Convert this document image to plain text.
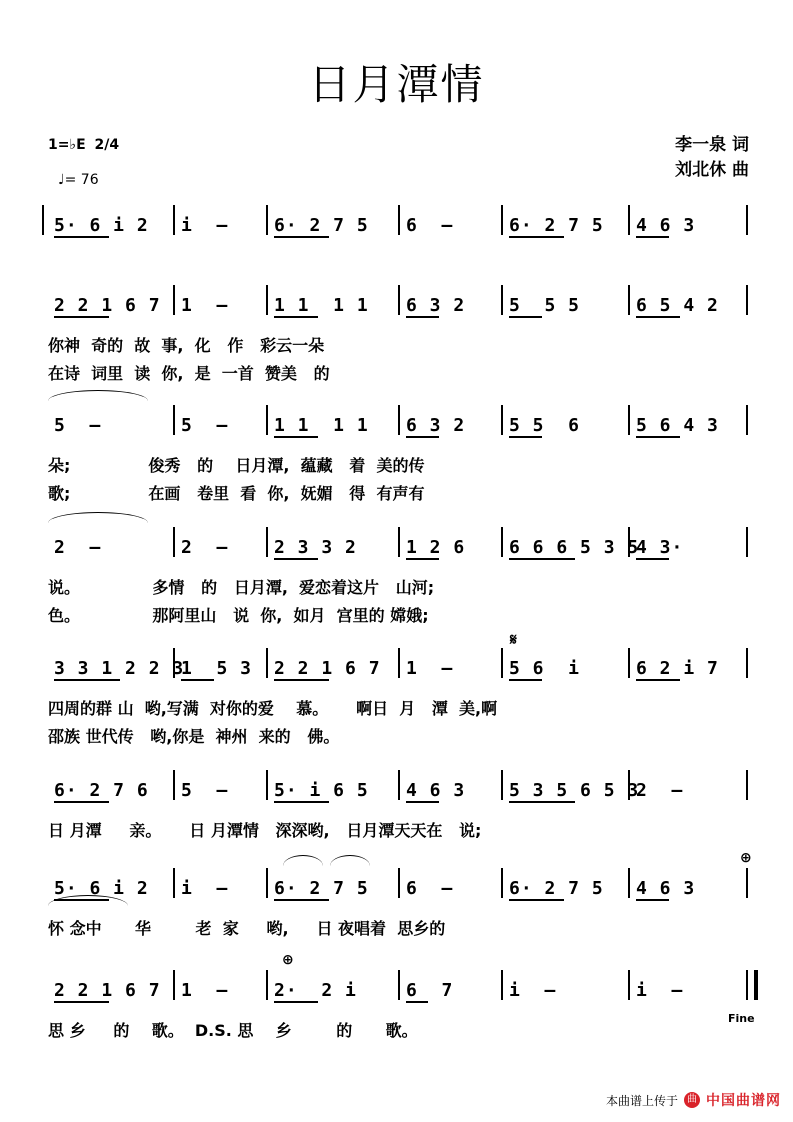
日月潭情
1=♭E 2/4
♩= 76
李一泉 词
刘北休 曲
5· 6 i 2 i  –	6· 2 7 5 6  –	6· 2 7 5 4 6 3
2 2 1 6 7 1  –	1 1  1 1 6 3 2 5  5 5	6 5 4 2
你神  奇的  故  事,  化   作   彩云一朵
在诗  词里  读  你,  是  一首  赞美   的
5  –	5  –	1 1  1 1 6 3 2 5 5  6	5 6 4 3
朵;              俊秀   的    日月潭,  蕴藏   着  美的传
歌;              在画   卷里  看  你,  妩媚   得  有声有
2  –	2  –	2 3 3 2	1 2 6 6 6 6 5 3 5
4 3·
说。             多情   的   日月潭,  爱恋着这片   山河;
色。             那阿里山   说  你,  如月  宫里的 嫦娥;
3 3 1 2 2 3
1  5 3 2 2 1 6 7 1  –	5 6  i	6 2 i 7
四周的群 山  哟,写满  对你的爱    慕。     啊日  月   潭  美,啊
邵族 世代传   哟,你是  神州  来的   佛。
6· 2 7 6 5  –	5· i 6 5 4 6 3 5 3 5 6 5 3
2  –
日 月潭     亲。     日 月潭情   深深哟,   日月潭天天在   说;
5· 6 i 2 i  –	6· 2 7 5 6  –	6· 2 7 5 4 6 3
怀 念中      华        老  家     哟,     日 夜唱着  思乡的
2 2 1 6 7 1  –	2·  2 i	6  7	i  –	i  –
思 乡     的    歌。  D.S. 思    乡        的      歌。
本曲谱上传于 曲 中国曲谱网
𝄋
⊕
⊕
Fine
